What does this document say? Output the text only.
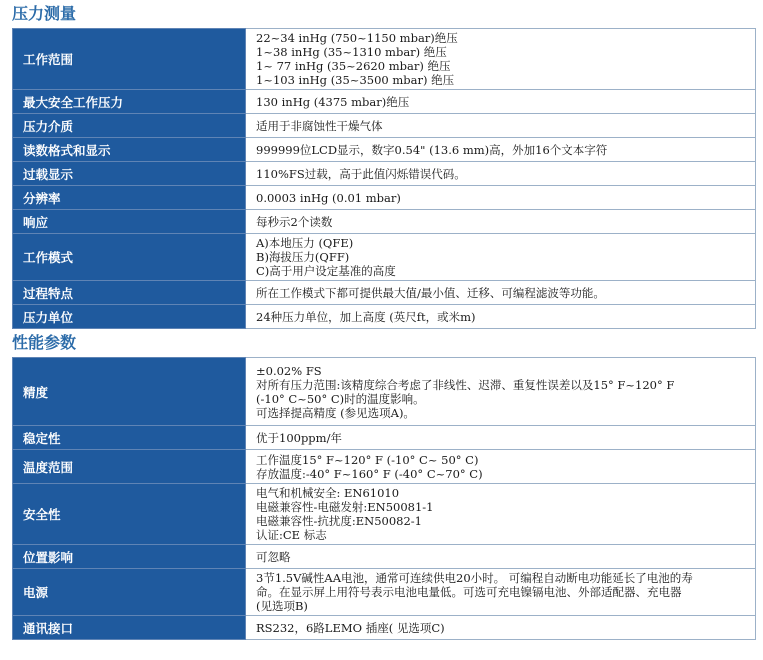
压力测量
工作范围	22~34 inHg (750~1150 mbar)绝压
1~38 inHg (35~1310 mbar) 绝压
1~ 77 inHg (35~2620 mbar) 绝压
1~103 inHg (35~3500 mbar) 绝压

最大安全工作压力	130 inHg (4375 mbar)绝压

压力介质	适用于非腐蚀性干燥气体

读数格式和显示	999999位LCD显示，数字0.54" (13.6 mm)高，外加16个文本字符

过载显示	110%FS过载，高于此值闪烁错误代码。

分辨率	0.0003 inHg (0.01 mbar)

响应	每秒示2个读数

工作模式	A)本地压力 (QFE)
B)海拔压力(QFF)
C)高于用户设定基准的高度

过程特点	所在工作模式下都可提供最大值/最小值、迁移、可编程滤波等功能。

压力单位	24种压力单位，加上高度 (英尺ft，或米m)
性能参数
精度	±0.02% FS
对所有压力范围:该精度综合考虑了非线性、迟滞、重复性误差以及15° F~120° F
(-10° C~50° C)时的温度影响。
可选择提高精度 (参见选项A)。

稳定性	优于100ppm/年

温度范围	工作温度15° F~120° F (-10° C~ 50° C)
存放温度:-40° F~160° F (-40° C~70° C)

安全性	电气和机械安全: EN61010
电磁兼容性-电磁发射:EN50081-1
电磁兼容性-抗扰度:EN50082-1
认证:CE 标志

位置影响	可忽略

电源	3节1.5V碱性AA电池，通常可连续供电20小时。 可编程自动断电功能延长了电池的寿
命。在显示屏上用符号表示电池电量低。可选可充电镍镉电池、外部适配器、充电器
(见选项B)

通讯接口	RS232，6路LEMO 插座( 见选项C)
